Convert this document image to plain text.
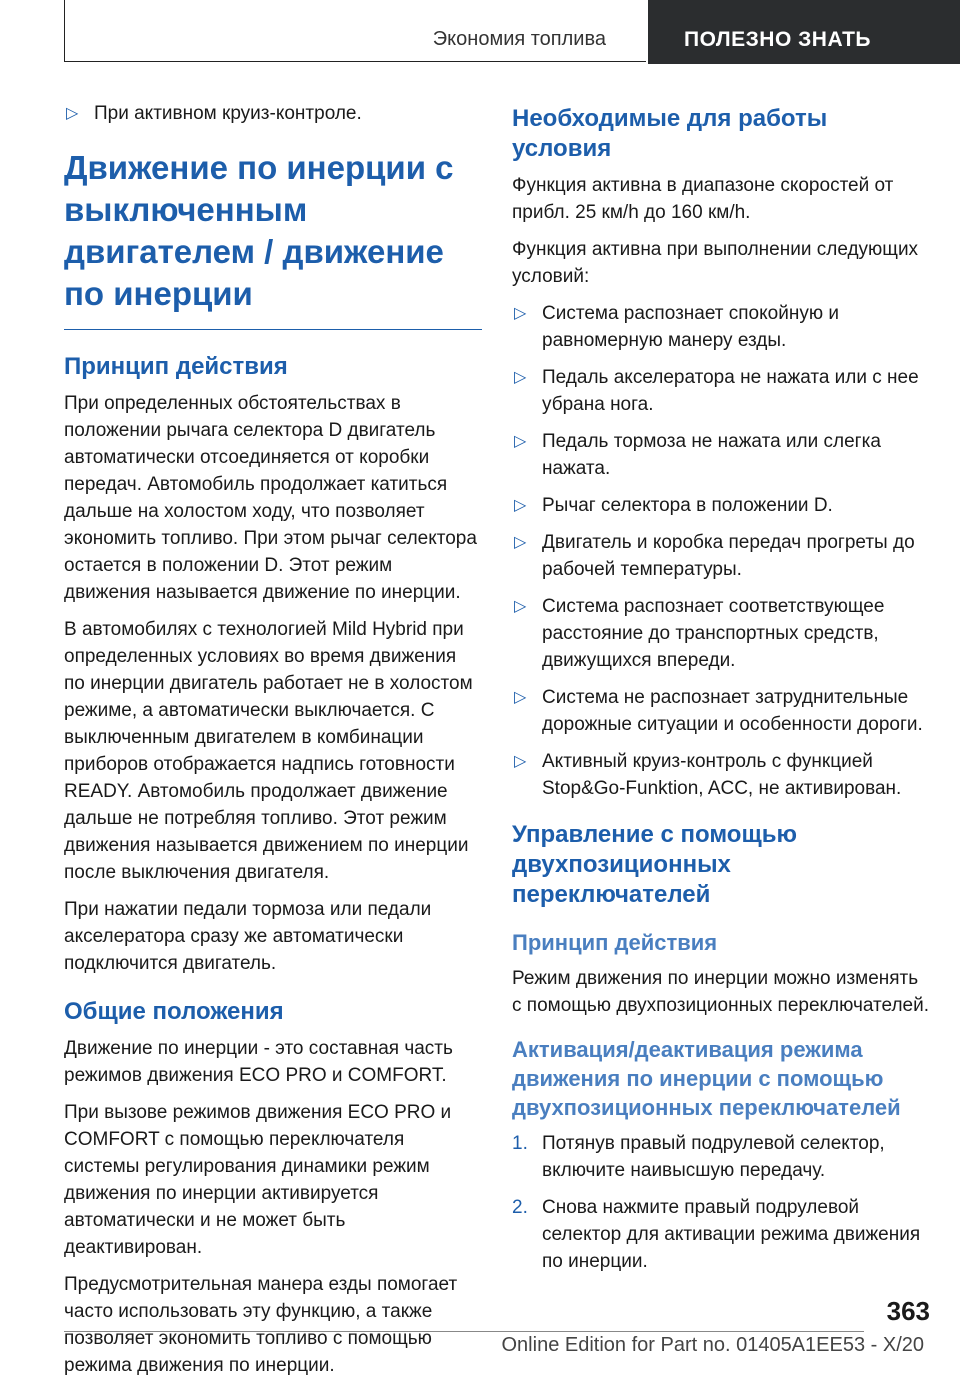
Экономия топлива	ПОЛЕЗНО ЗНАТЬ
▷ При активном круиз-контроле.
Движение по инерции с выключенным двигателем / движение по инерции
Принцип действия

При определенных обстоятельствах в положении рычага селектора D двигатель автоматически отсоединяется от коробки передач. Автомобиль продолжает катиться дальше на холостом ходу, что позволяет экономить топливо. При этом рычаг селектора остается в положении D. Этот режим движения называется движение по инерции.

В автомобилях с технологией Mild Hybrid при определенных условиях во время движения по инерции двигатель работает не в холостом режиме, а автоматически выключается. С выключенным двигателем в комбинации приборов отображается надпись готовности READY. Автомобиль продолжает движение дальше не потребляя топливо. Этот режим движения называется движением по инерции после выключения двигателя.

При нажатии педали тормоза или педали акселератора сразу же автоматически подключится двигатель.

Общие положения

Движение по инерции - это составная часть режимов движения ECO PRO и COMFORT.

При вызове режимов движения ECO PRO и COMFORT с помощью переключателя системы регулирования динамики режим движения по инерции активируется автоматически и не может быть деактивирован.

Предусмотрительная манера езды помогает часто использовать эту функцию, а также позволяет экономить топливо с помощью режима движения по инерции.

Необходимые для работы условия

Функция активна в диапазоне скоростей от прибл. 25 км/h до 160 км/h.

Функция активна при выполнении следующих условий:

▷ Система распознает спокойную и равномерную манеру езды.
▷ Педаль акселератора не нажата или с нее убрана нога.
▷ Педаль тормоза не нажата или слегка нажата.
▷ Рычаг селектора в положении D.
▷ Двигатель и коробка передач прогреты до рабочей температуры.
▷ Система распознает соответствующее расстояние до транспортных средств, движущихся впереди.
▷ Система не распознает затруднительные дорожные ситуации и особенности дороги.
▷ Активный круиз-контроль с функцией Stop&Go-Funktion, ACC, не активирован.
Управление с помощью двухпозиционных переключателей
Принцип действия

Режим движения по инерции можно изменять с помощью двухпозиционных переключателей.

Активация/деактивация режима движения по инерции с помощью двухпозиционных переключателей
1. Потянув правый подрулевой селектор, включите наивысшую передачу.
2. Снова нажмите правый подрулевой селектор для активации режима движения по инерции.
363
Online Edition for Part no. 01405A1EE53 - X/20
